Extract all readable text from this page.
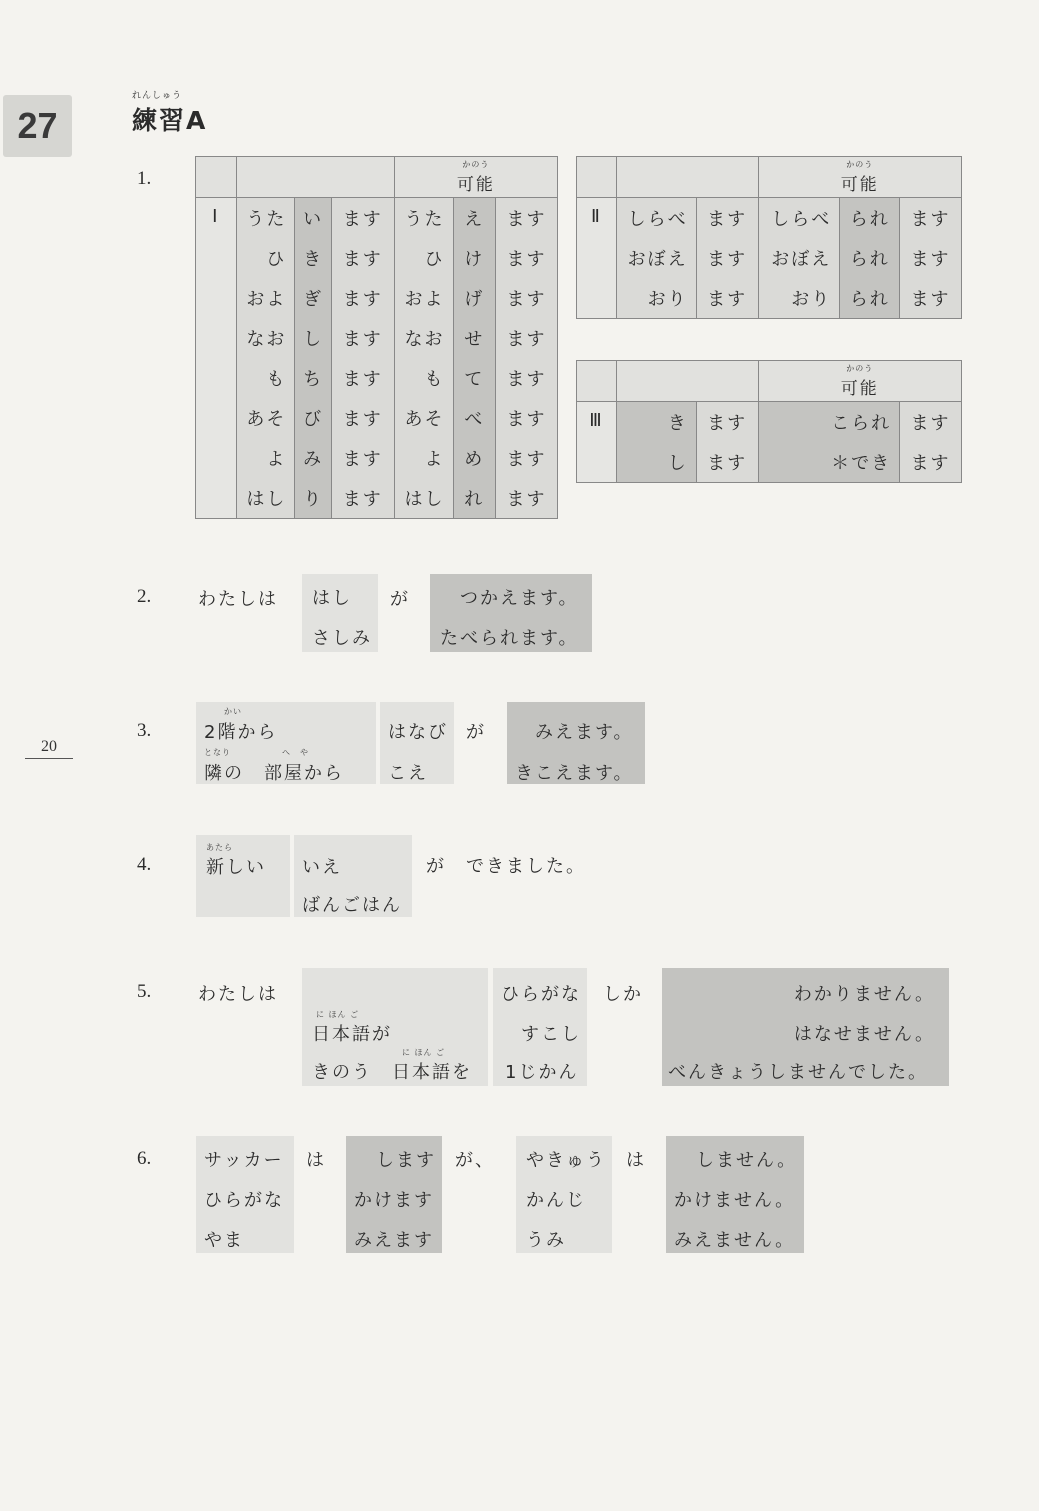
27
れんしゅう
練習A
20
1.

				かのう
可能		

Ⅰ	うた	い	ます	うた	え	ます
	ひ	き	ます	ひ	け	ます
	およ	ぎ	ます	およ	げ	ます
	なお	し	ます	なお	せ	ます
	も	ち	ます	も	て	ます
	あそ	び	ます	あそ	べ	ます
	よ	み	ます	よ	め	ます
	はし	り	ます	はし	れ	ます

			かのう
可能		

Ⅱ	しらべ	ます	しらべ	られ	ます
	おぼえ	ます	おぼえ	られ	ます
	おり	ます	おり	られ	ます

			かのう
可能	

Ⅲ	き	ます	こられ	ます
	し	ます	＊でき	ます
2.	わたしは はし
さしみ
が	つかえます。
たべられます。
3.
かい
2階から
となり	へ　や
隣の　部屋から
はなび
こえ
が	みえます。
きこえます。
4.
あたら
新しい いえ
ばんごはん
が　できました。
5.	わたしは
に ほん ご
日本語が
に ほん ご
きのう　日本語を
ひらがな
すこし
1じかん
しか	わかりません。
はなせません。
べんきょうしませんでした。
6.	サッカー
ひらがな
やま
は	します
かけます
みえます
が、 やきゅう
かんじ
うみ
は	しません。
かけません。
みえません。
